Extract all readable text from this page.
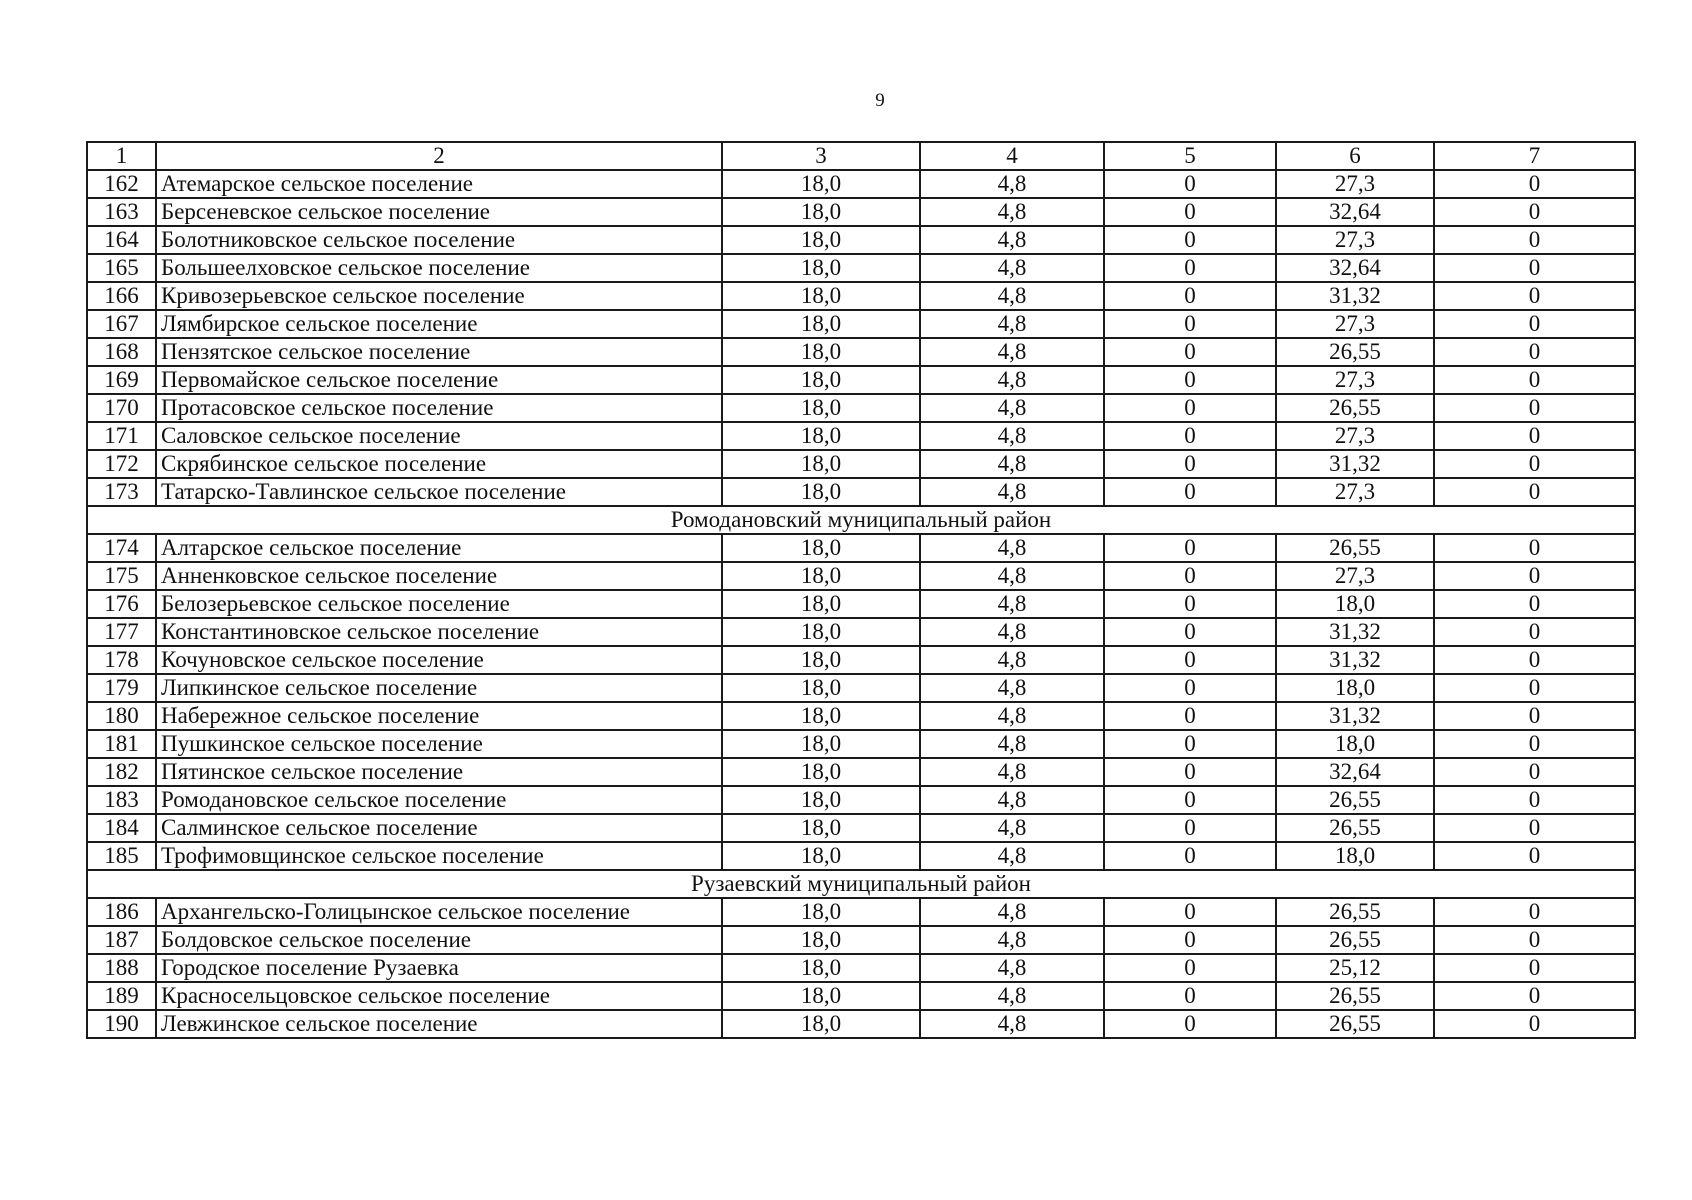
9
1	2	3	4	5	6	7
162	Атемарское сельское поселение	18,0	4,8	0	27,3	0
163	Берсеневское сельское поселение	18,0	4,8	0	32,64	0
164	Болотниковское сельское поселение	18,0	4,8	0	27,3	0
165	Большеелховское сельское поселение	18,0	4,8	0	32,64	0
166	Кривозерьевское сельское поселение	18,0	4,8	0	31,32	0
167	Лямбирское сельское поселение	18,0	4,8	0	27,3	0
168	Пензятское сельское поселение	18,0	4,8	0	26,55	0
169	Первомайское сельское поселение	18,0	4,8	0	27,3	0
170	Протасовское сельское поселение	18,0	4,8	0	26,55	0
171	Саловское сельское поселение	18,0	4,8	0	27,3	0
172	Скрябинское сельское поселение	18,0	4,8	0	31,32	0
173	Татарско-Тавлинское сельское поселение	18,0	4,8	0	27,3	0
Ромодановский муниципальный район						
174	Алтарское сельское поселение	18,0	4,8	0	26,55	0
175	Анненковское сельское поселение	18,0	4,8	0	27,3	0
176	Белозерьевское сельское поселение	18,0	4,8	0	18,0	0
177	Константиновское сельское поселение	18,0	4,8	0	31,32	0
178	Кочуновское сельское поселение	18,0	4,8	0	31,32	0
179	Липкинское сельское поселение	18,0	4,8	0	18,0	0
180	Набережное сельское поселение	18,0	4,8	0	31,32	0
181	Пушкинское сельское поселение	18,0	4,8	0	18,0	0
182	Пятинское сельское поселение	18,0	4,8	0	32,64	0
183	Ромодановское сельское поселение	18,0	4,8	0	26,55	0
184	Салминское сельское поселение	18,0	4,8	0	26,55	0
185	Трофимовщинское сельское поселение	18,0	4,8	0	18,0	0
Рузаевский муниципальный район						
186	Архангельско-Голицынское сельское поселение	18,0	4,8	0	26,55	0
187	Болдовское сельское поселение	18,0	4,8	0	26,55	0
188	Городское поселение Рузаевка	18,0	4,8	0	25,12	0
189	Красносельцовское сельское поселение	18,0	4,8	0	26,55	0
190	Левжинское сельское поселение	18,0	4,8	0	26,55	0
